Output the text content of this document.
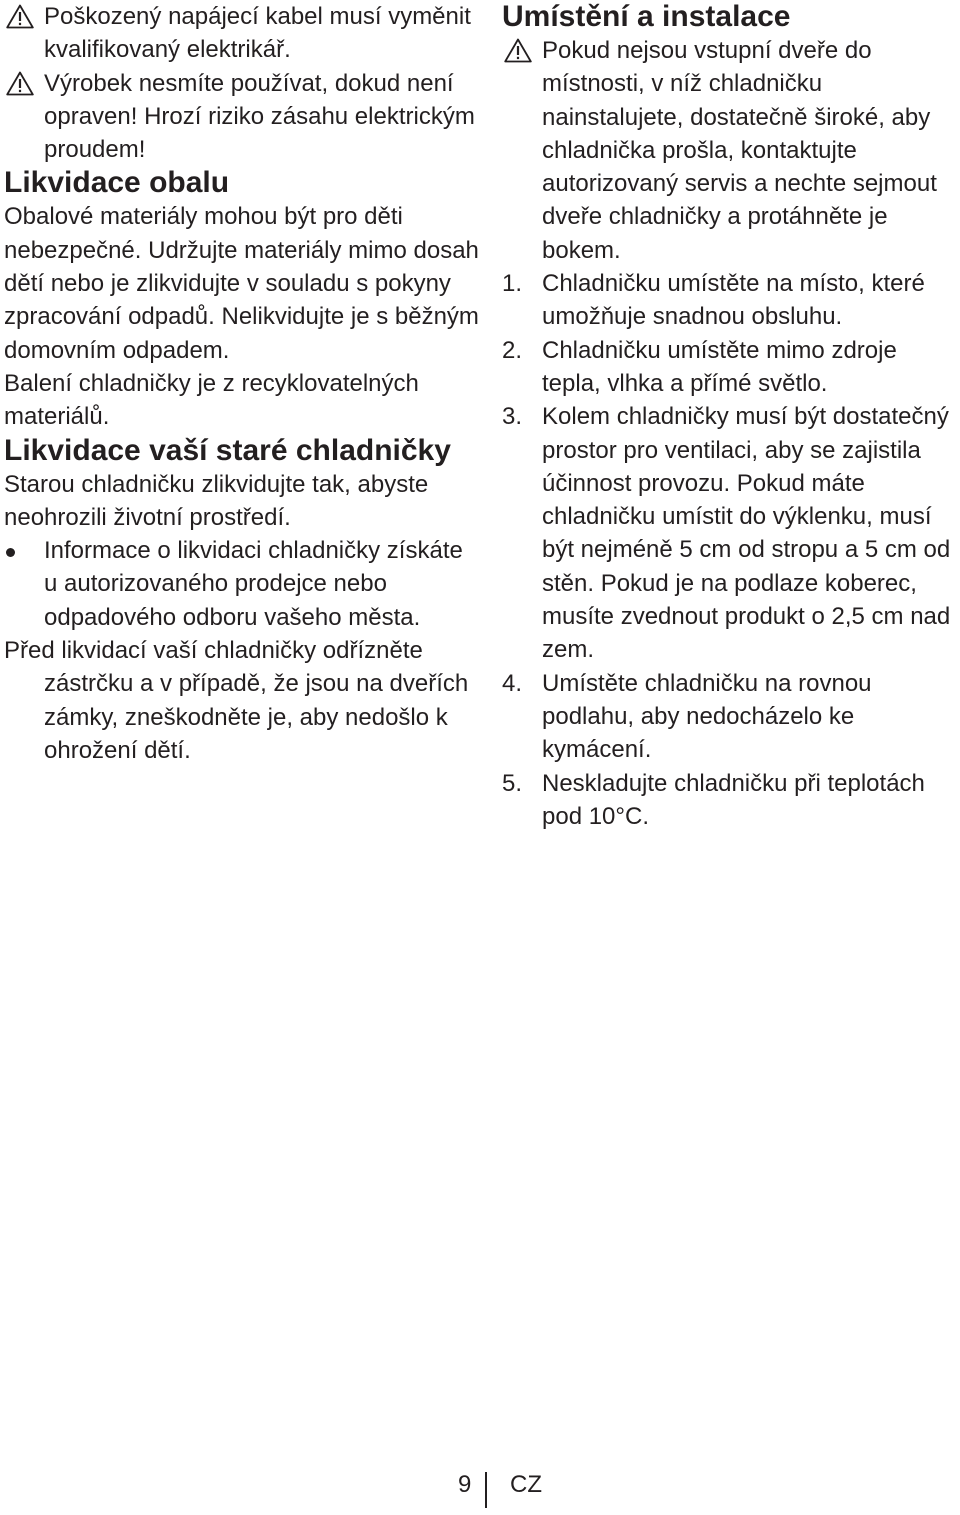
Poškozený napájecí kabel musí vyměnit kvalifikovaný elektrikář.
Výrobek nesmíte používat, dokud není opraven! Hrozí riziko zásahu elektrickým proudem!
Likvidace obalu

Obalové materiály mohou být pro děti nebezpečné. Udržujte materiály mimo dosah dětí nebo je zlikvidujte v souladu s pokyny zpracování odpadů. Nelikvidujte je s běžným domovním odpadem.

Balení chladničky je z recyklovatelných materiálů.

Likvidace vaší staré chladničky

Starou chladničku zlikvidujte tak, abyste neohrozili životní prostředí.

Informace o likvidaci chladničky získáte u autorizovaného prodejce nebo odpadového odboru vašeho města.

Před likvidací vaší chladničky odřízněte zástrčku a v případě, že jsou na dveřích zámky, zneškodněte je, aby nedošlo k ohrožení dětí.

Umístění a instalace
Pokud nejsou vstupní dveře do místnosti, v níž chladničku nainstalujete, dostatečně široké, aby chladnička prošla, kontaktujte autorizovaný servis a nechte sejmout dveře chladničky a protáhněte je bokem.
1. Chladničku umístěte na místo, které umožňuje snadnou obsluhu.
2. Chladničku umístěte mimo zdroje tepla, vlhka a přímé světlo.
3. Kolem chladničky musí být dostatečný prostor pro ventilaci, aby se zajistila účinnost provozu. Pokud máte chladničku umístit do výklenku, musí být nejméně 5 cm od stropu a 5 cm od stěn. Pokud je na podlaze koberec, musíte zvednout produkt o 2,5 cm nad zem.
4. Umístěte chladničku na rovnou podlahu, aby nedocházelo ke kymácení.
5. Neskladujte chladničku při teplotách pod 10°C.
9 CZ
